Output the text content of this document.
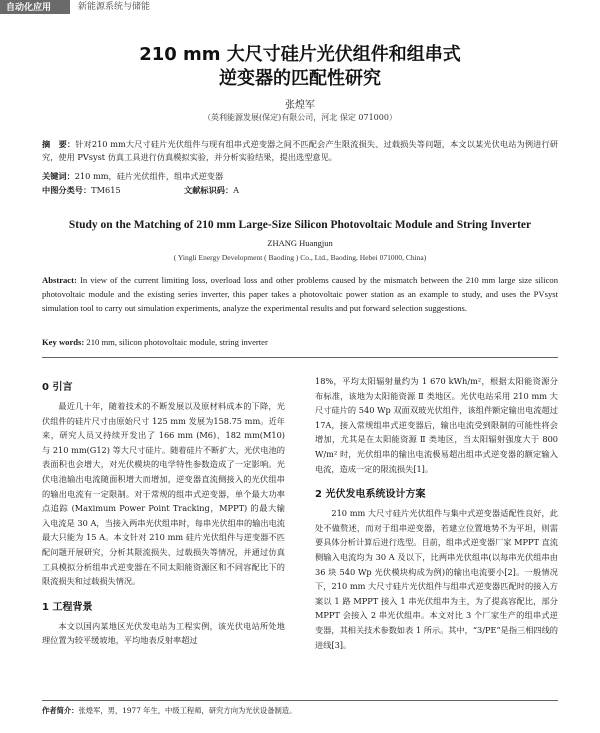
自动化应用	新能源系统与储能
210 mm 大尺寸硅片光伏组件和组串式
逆变器的匹配性研究
张煌军
（英利能源发展(保定)有限公司，河北 保定 071000）
摘　要：针对210 mm大尺寸硅片光伏组件与现有组串式逆变器之间不匹配会产生限流损失、过载损失等问题，本文以某光伏电站为例进行研究，使用 PVsyst 仿真工具进行仿真模拟实验，并分析实验结果，提出选型意见。
关键词：210 mm，硅片光伏组件，组串式逆变器
中图分类号：TM615	文献标识码：A
Study on the Matching of 210 mm Large-Size Silicon Photovoltaic Module and String Inverter
ZHANG Huangjun
( Yingli Energy Development ( Baoding ) Co., Ltd., Baoding, Hebei 071000, China)
Abstract: In view of the current limiting loss, overload loss and other problems caused by the mismatch between the 210 mm large size silicon photovoltaic module and the existing series inverter, this paper takes a photovoltaic power station as an example to study, and uses the PVsyst simulation tool to carry out simulation experiments, analyze the experimental results and put forward selection suggestions.
Key words: 210 mm, silicon photovoltaic module, string inverter
0 引言

最近几十年，随着技术的不断发展以及原材料成本的下降，光伏组件的硅片尺寸由原始尺寸 125 mm 发展为158.75 mm。近年来，研究人员又持续开发出了 166 mm (M6)、182 mm(M10) 与 210 mm(G12) 等大尺寸硅片。随着硅片不断扩大，光伏电池的表面积也会增大，对光伏模块的电学特性参数造成了一定影响。光伏电池输出电流随面积增大而增加，逆变器直流侧接入的光伏组串的输出电流有一定限制。对于常规的组串式逆变器，单个最大功率点追踪 (Maximum Power Point Tracking，MPPT) 的最大输入电流是 30 A，当接入两串光伏组串时，每串光伏组串的输出电流最大只能为 15 A。本文针对 210 mm 硅片光伏组件与逆变器不匹配问题开展研究，分析其限流损失、过载损失等情况，并通过仿真工具模拟分析组串式逆变器在不同太阳能资源区和不同容配比下的限流损失和过载损失情况。

1 工程背景

本文以国内某地区光伏发电站为工程实例，该光伏电站所处地理位置为较平缓坡地，平均地表反射率超过

18%，平均太阳辐射量约为 1 670 kWh/m²，根据太阳能资源分布标准，该地为太阳能资源 Ⅱ 类地区。光伏电站采用 210 mm 大尺寸硅片的 540 Wp 双面双玻光伏组件，该组件额定输出电流超过 17A，接入常规组串式逆变器后，输出电流受到限制的可能性将会增加，尤其是在太阳能资源 Ⅱ 类地区，当太阳辐射强度大于 800 W/m² 时，光伏组串的输出电流极易超出组串式逆变器的额定输入电流，造成一定的限流损失[1]。

2 光伏发电系统设计方案

210 mm 大尺寸硅片光伏组件与集中式逆变器适配性良好，此处不做赘述，而对于组串逆变器，若建立位置地势不为平坦，则需要具体分析计算后进行选型。目前，组串式逆变器厂家 MPPT 直流侧输入电流均为 30 A 及以下，比两串光伏组串(以每串光伏组串由 36 块 540 Wp 光伏模块构成为例)的输出电流要小[2]。一般情况下，210 mm 大尺寸硅片光伏组件与组串式逆变器匹配时的接入方案以 1 路 MPPT 接入 1 串光伏组串为主，为了提高容配比，部分 MPPT 会接入 2 串光伏组串。本文对比 3 个厂家生产的组串式逆变器，其相关技术参数如表 1 所示。其中，“3/PE”是指三相四线的进线[3]。

作者简介：张煌军，男，1977 年生，中级工程师，研究方向为光伏设备制造。
